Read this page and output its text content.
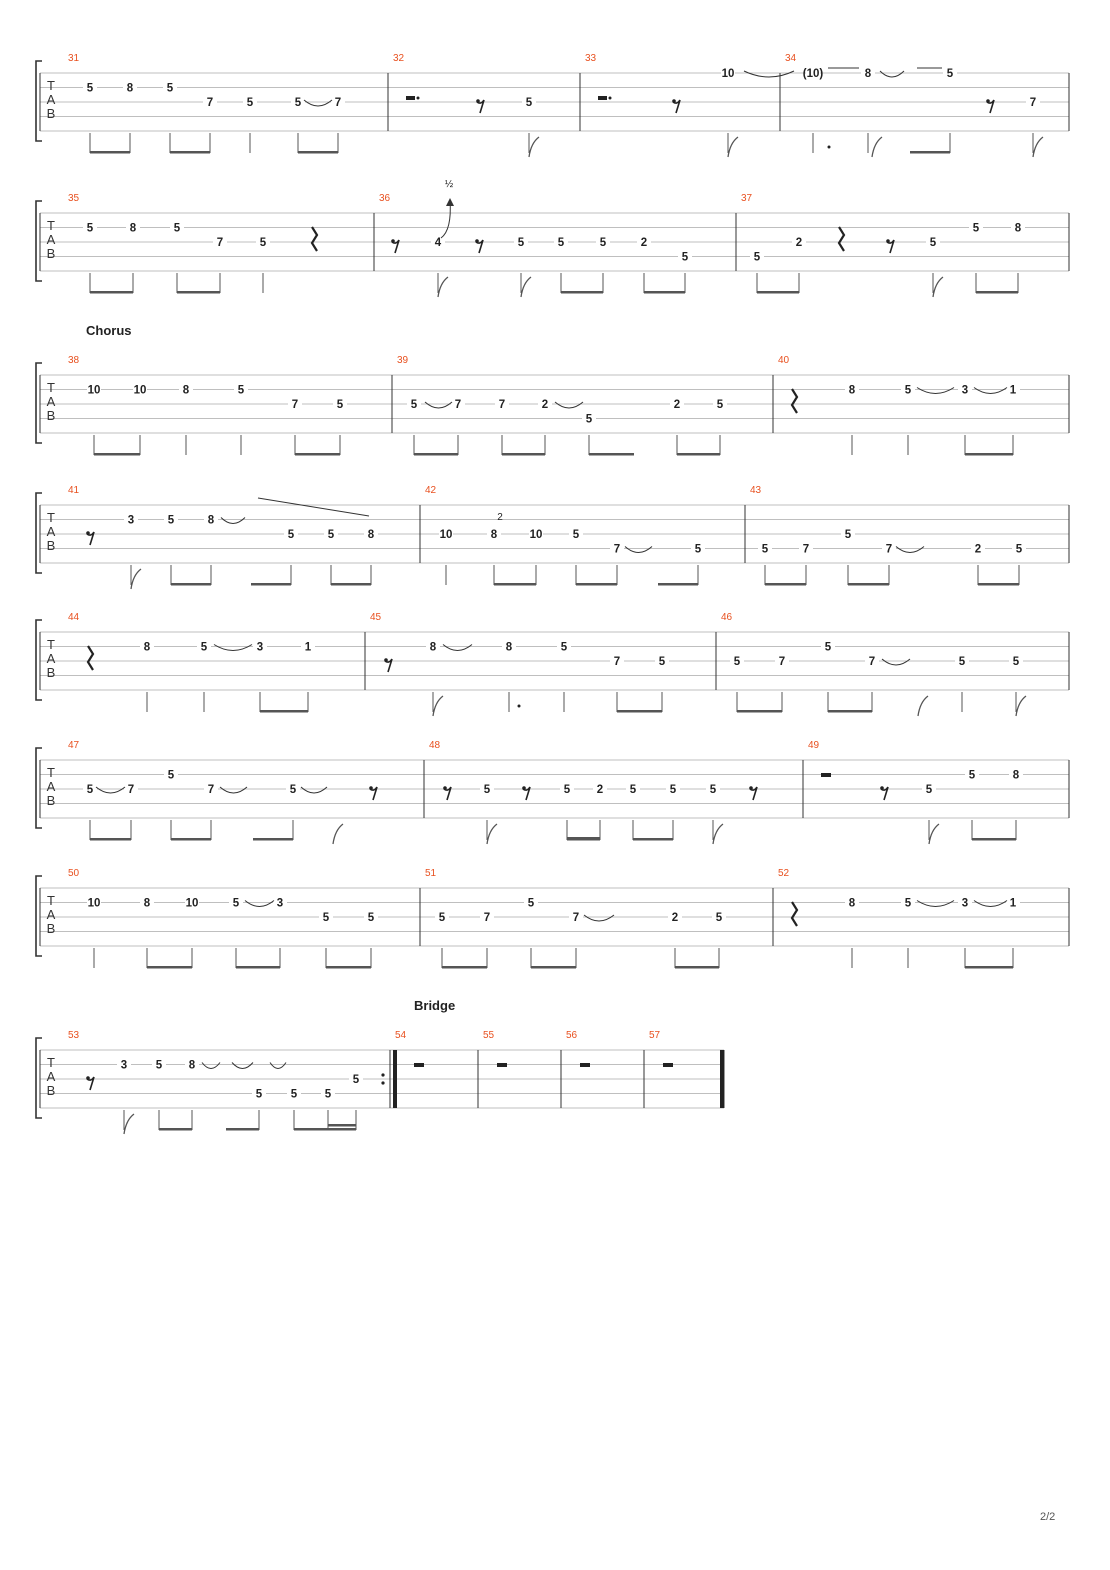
T
A
B
31
5	8	5
7	5	5	7
32
5
33
10
34
(10)	8	5
7
T
A
B
35
5	8	5
7	5
36
4	5	5	5	2
5
37
5
2	5
5	8
T
A
B
38
10	10	8	5
7	5
39
5	7	7	2
5
2	5
40
8	5	3	1
T
A
B
41
3	5	8
5	5	8
42
10	8	10	5
7	5
43
5	7
5
7	2	5
T
A
B
44
8	5	3	1
45
8	8	5
7	5
46
5	7
5
7	5	5
T
A
B
47
5	7
5
7	5
48
5	5 2 5	5	5
49
5
5	8
T
A
B
50
10	8	10	5	3
5	5
51
5	7
5
7	2	5
52
8	5	3	1
T
A
B
53
3 5 8
5 5 5
5
54	55	56	57
½
2
Chorus
Bridge
2/2
